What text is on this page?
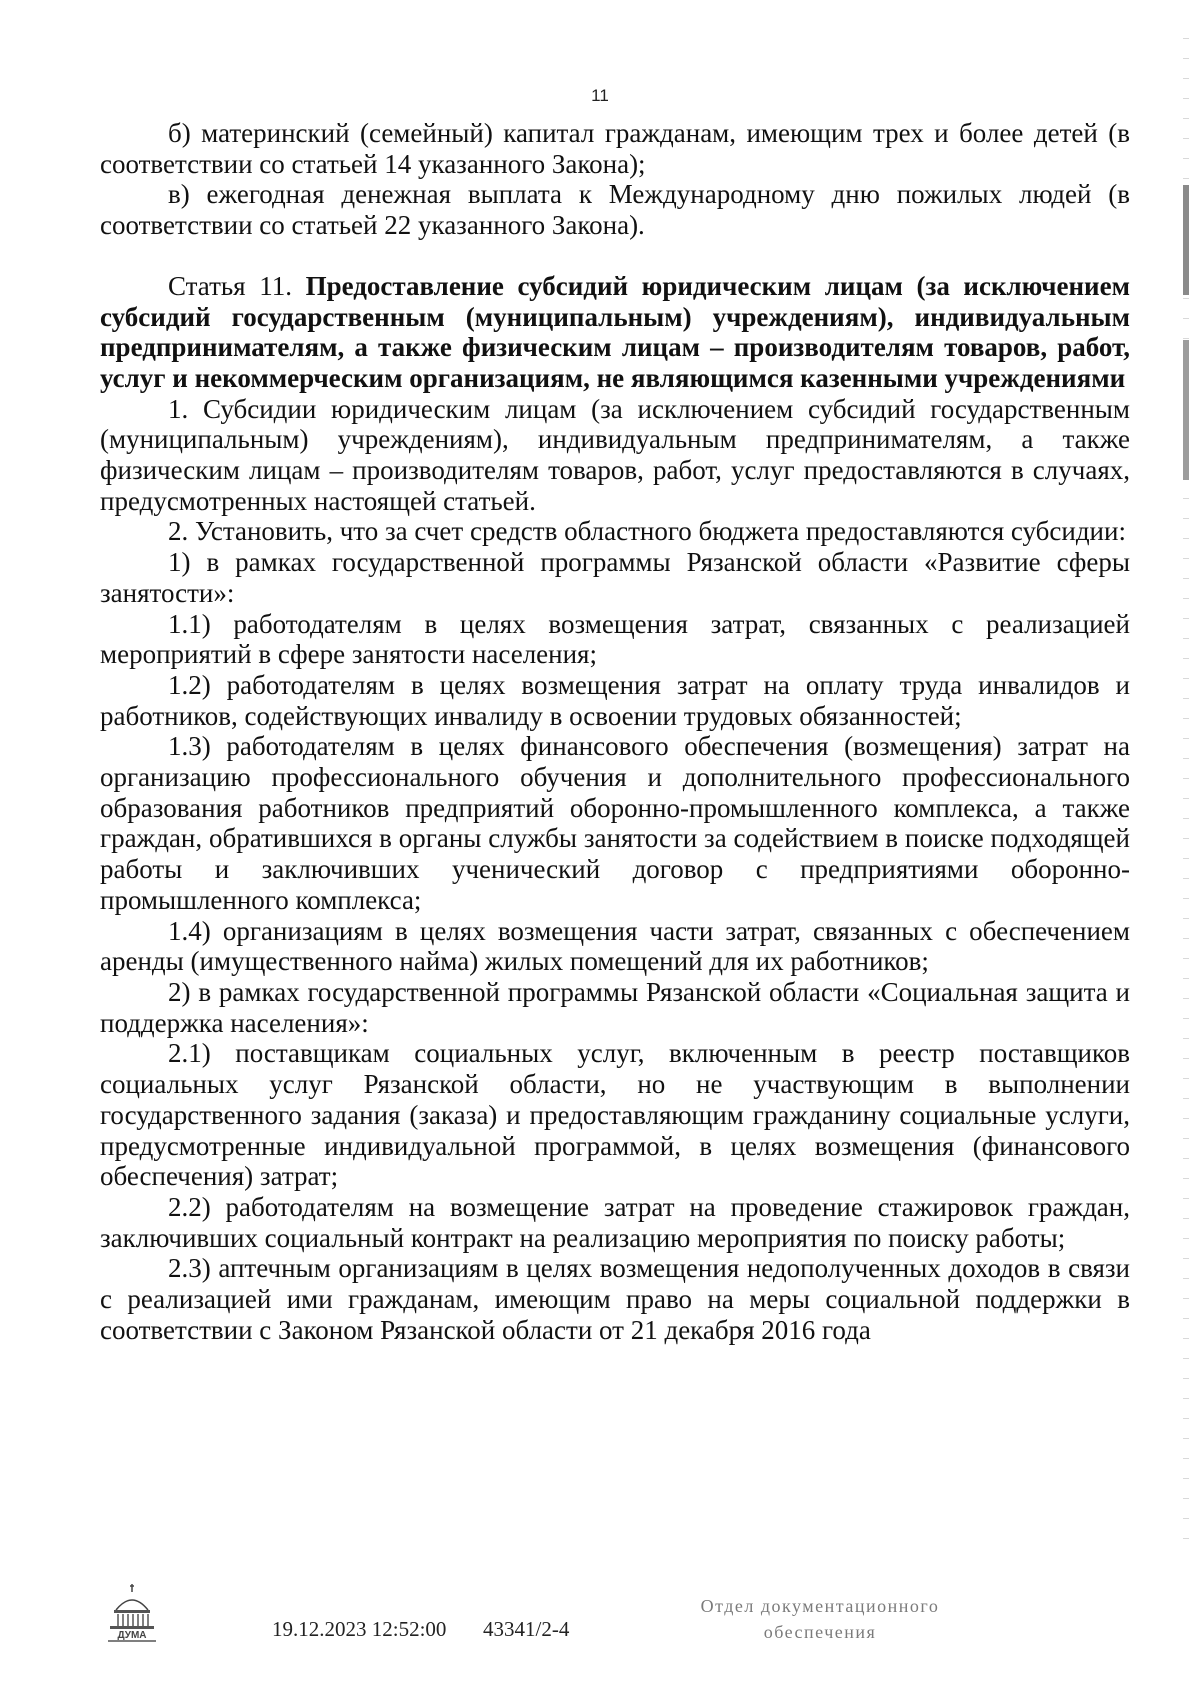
11

б) материнский (семейный) капитал гражданам, имеющим трех и более детей (в соответствии со статьей 14 указанного Закона);

в) ежегодная денежная выплата к Международному дню пожилых людей (в соответствии со статьей 22 указанного Закона).

Статья 11. Предоставление субсидий юридическим лицам (за исключением субсидий государственным (муниципальным) учреждениям), индивидуальным предпринимателям, а также физическим лицам – производителям товаров, работ, услуг и некоммерческим организациям, не являющимся казенными учреждениями

1. Субсидии юридическим лицам (за исключением субсидий государственным (муниципальным) учреждениям), индивидуальным предпринимателям, а также физическим лицам – производителям товаров, работ, услуг предоставляются в случаях, предусмотренных настоящей статьей.

2. Установить, что за счет средств областного бюджета предоставляются субсидии:

1) в рамках государственной программы Рязанской области «Развитие сферы занятости»:

1.1) работодателям в целях возмещения затрат, связанных с реализацией мероприятий в сфере занятости населения;

1.2) работодателям в целях возмещения затрат на оплату труда инвалидов и работников, содействующих инвалиду в освоении трудовых обязанностей;

1.3) работодателям в целях финансового обеспечения (возмещения) затрат на организацию профессионального обучения и дополнительного профессионального образования работников предприятий оборонно-промышленного комплекса, а также граждан, обратившихся в органы службы занятости за содействием в поиске подходящей работы и заключивших ученический договор с предприятиями оборонно-промышленного комплекса;

1.4) организациям в целях возмещения части затрат, связанных с обеспечением аренды (имущественного найма) жилых помещений для их работников;

2) в рамках государственной программы Рязанской области «Социальная защита и поддержка населения»:

2.1) поставщикам социальных услуг, включенным в реестр поставщиков социальных услуг Рязанской области, но не участвующим в выполнении государственного задания (заказа) и предоставляющим гражданину социальные услуги, предусмотренные индивидуальной программой, в целях возмещения (финансового обеспечения) затрат;

2.2) работодателям на возмещение затрат на проведение стажировок граждан, заключивших социальный контракт на реализацию мероприятия по поиску работы;

2.3) аптечным организациям в целях возмещения недополученных доходов в связи с реализацией ими гражданам, имеющим право на меры социальной поддержки в соответствии с Законом Рязанской области от 21 декабря 2016 года

ДУМА	19.12.2023 12:52:00 43341/2-4
Отдел документационного
обеспечения
